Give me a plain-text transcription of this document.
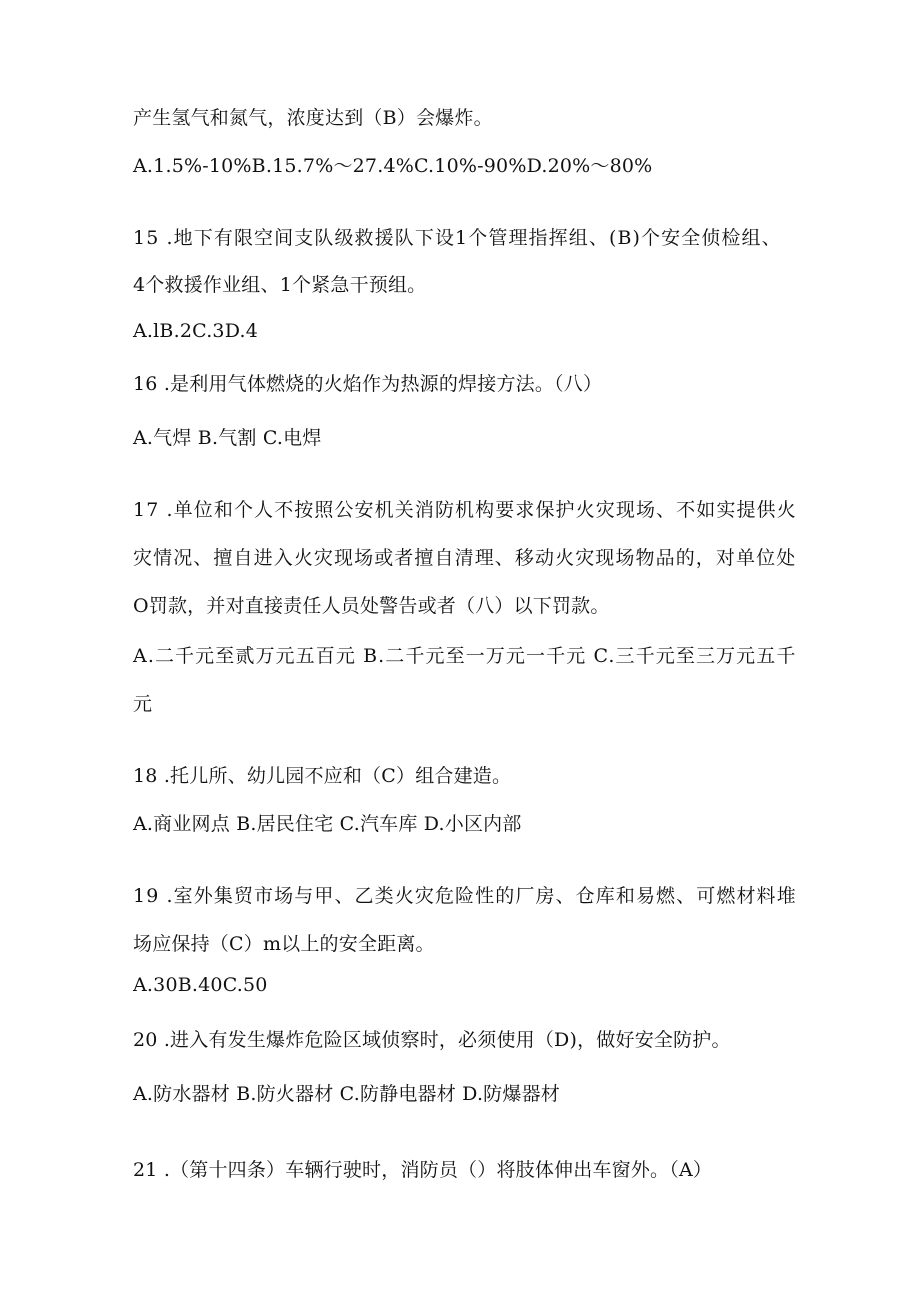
产生氢气和氮气，浓度达到（B）会爆炸。
A.1.5%-10%B.15.7%～27.4%C.10%-90%D.20%～80%
15 .地下有限空间支队级救援队下设1个管理指挥组、(B)个安全侦检组、
4个救援作业组、1个紧急干预组。
A.lB.2C.3D.4
16 .是利用气体燃烧的火焰作为热源的焊接方法。（八）
A.气焊 B.气割 C.电焊
17 .单位和个人不按照公安机关消防机构要求保护火灾现场、不如实提供火
灾情况、擅自进入火灾现场或者擅自清理、移动火灾现场物品的，对单位处
O罚款，并对直接责任人员处警告或者（八）以下罚款。
A.二千元至贰万元五百元 B.二千元至一万元一千元 C.三千元至三万元五千
元
18 .托儿所、幼儿园不应和（C）组合建造。
A.商业网点 B.居民住宅 C.汽车库 D.小区内部
19 .室外集贸市场与甲、乙类火灾危险性的厂房、仓库和易燃、可燃材料堆
场应保持（C）m以上的安全距离。
A.30B.40C.50
20 .进入有发生爆炸危险区域侦察时，必须使用（D)，做好安全防护。
A.防水器材 B.防火器材 C.防静电器材 D.防爆器材
21 .（第十四条）车辆行驶时，消防员（）将肢体伸出车窗外。（A）
